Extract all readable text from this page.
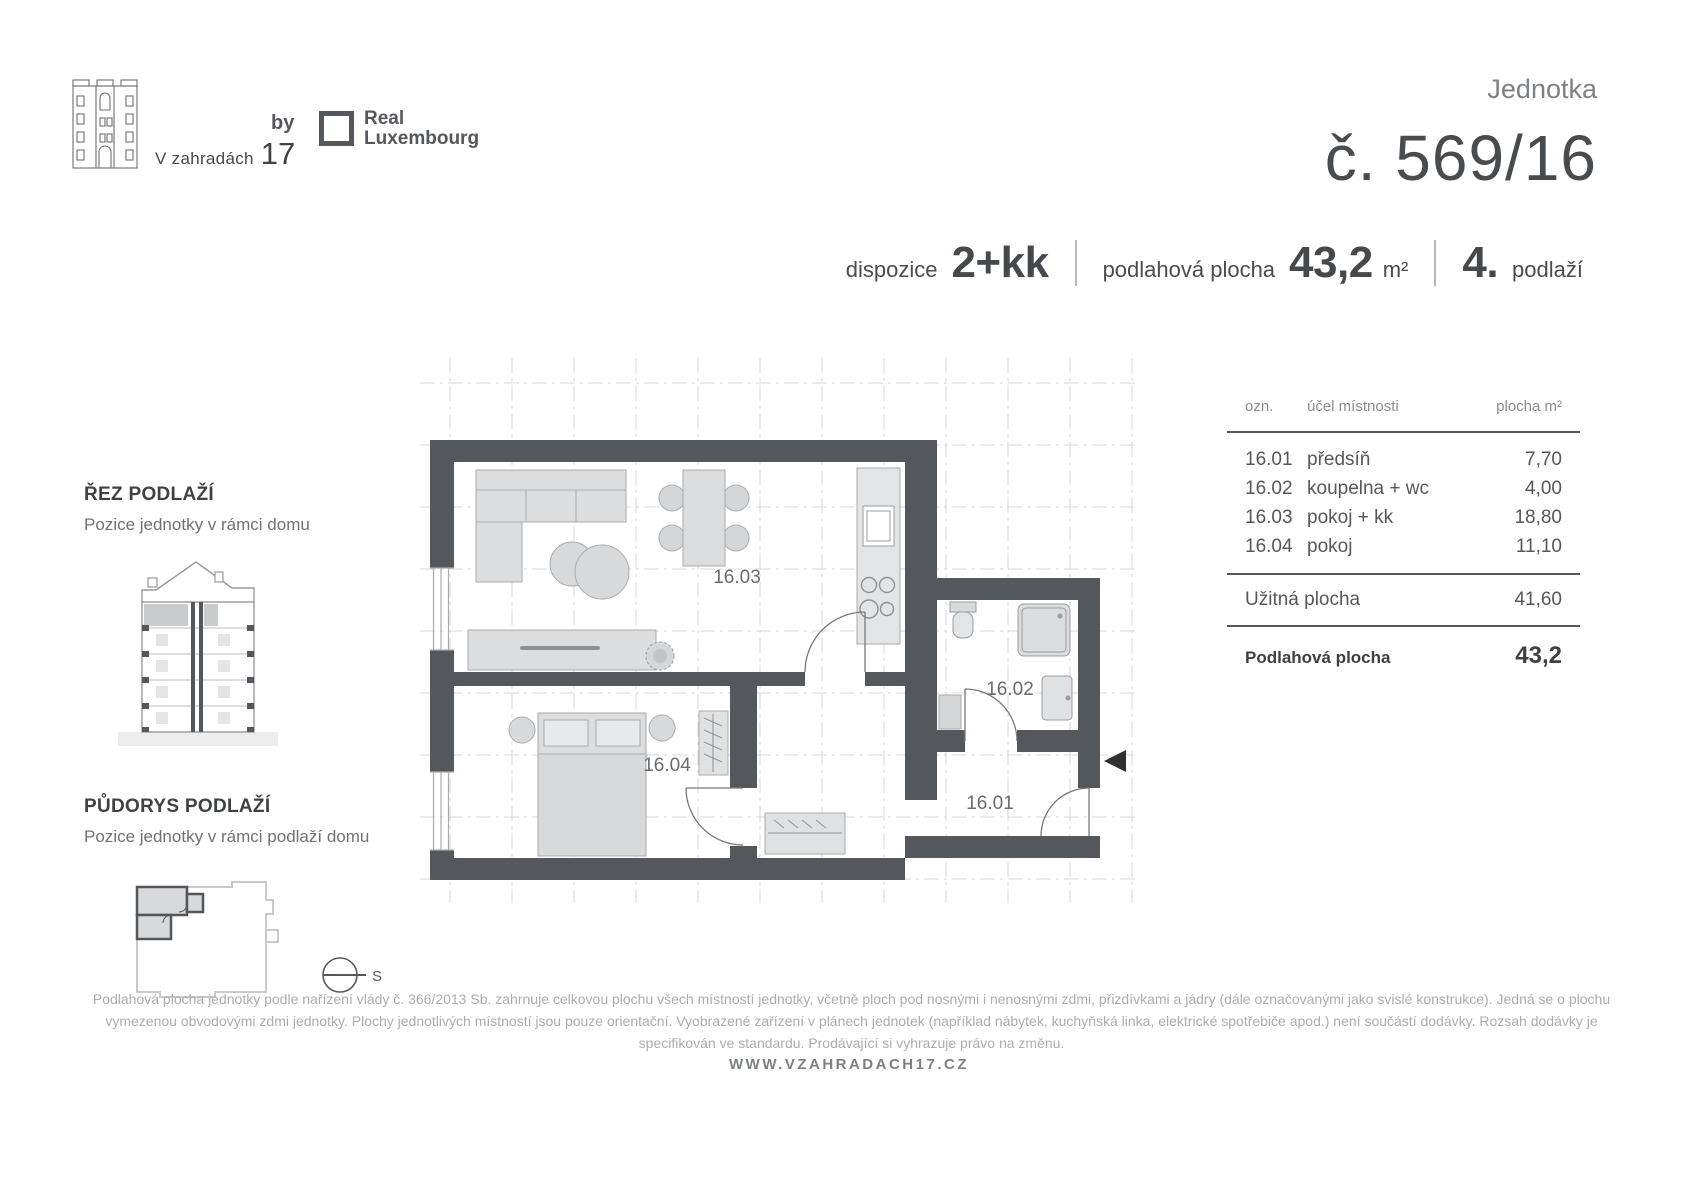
V zahradách 17
by	Real
Luxembourg
Jednotka
č. 569/16
dispozice 2+kk podlahová plocha 43,2 m² 4. podlaží
ŘEZ PODLAŽÍ
Pozice jednotky v rámci domu
PŮDORYS PODLAŽÍ
Pozice jednotky v rámci podlaží domu
S
16.03
16.02
16.04
16.01
ozn.	účel místnosti	plocha m²
16.01 předsíň	7,70
16.02 koupelna + wc	4,00
16.03 pokoj + kk	18,80
16.04 pokoj	11,10
Užitná plocha	41,60
Podlahová plocha	43,2
Podlahová plocha jednotky podle nařízení vlády č. 366/2013 Sb. zahrnuje celkovou plochu všech místností jednotky, včetně ploch pod nosnými i nenosnými zdmi, přizdívkami a jádry (dále označovanými jako svislé konstrukce). Jedná se o plochu vymezenou obvodovými zdmi jednotky. Plochy jednotlivých místností jsou pouze orientační. Vyobrazené zařízení v plánech jednotek (například nábytek, kuchyňská linka, elektrické spotřebiče apod.) není součástí dodávky. Rozsah dodávky je specifikován ve standardu. Prodávající si vyhrazuje právo na změnu.
WWW.VZAHRADACH17.CZ
